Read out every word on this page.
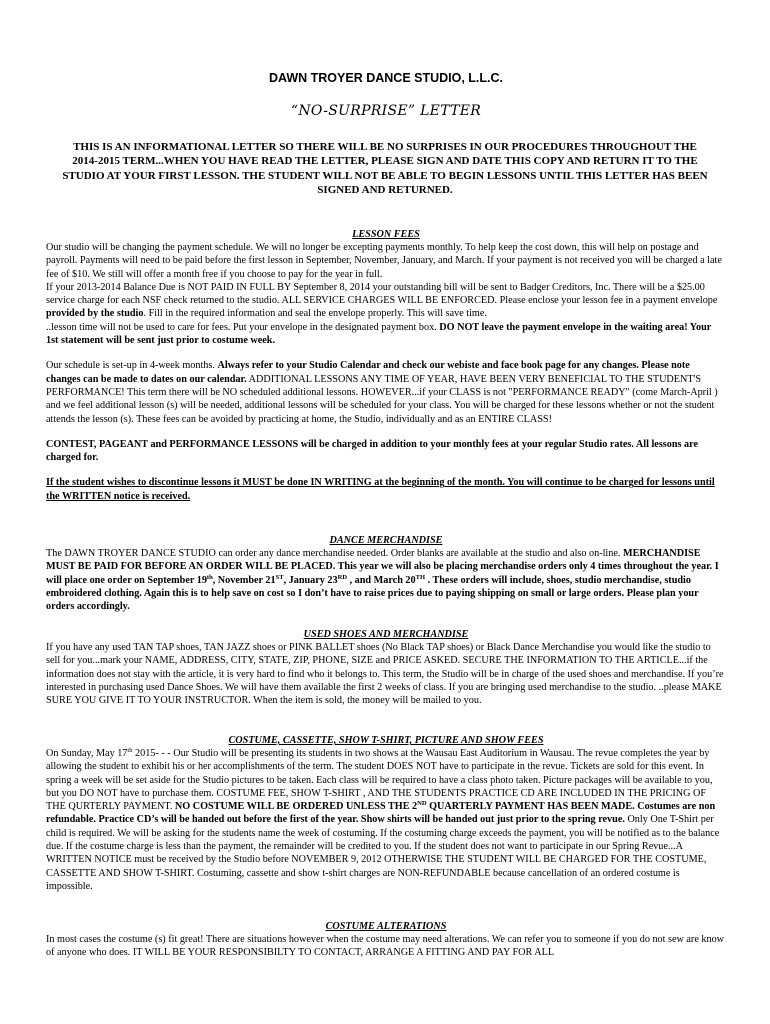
DAWN TROYER DANCE STUDIO, L.L.C.
“NO-SURPRISE” LETTER
THIS IS AN INFORMATIONAL LETTER SO THERE WILL BE NO SURPRISES IN OUR PROCEDURES THROUGHOUT THE 2014-2015 TERM...WHEN YOU HAVE READ THE LETTER, PLEASE SIGN AND DATE THIS COPY AND RETURN IT TO THE STUDIO AT YOUR FIRST LESSON. THE STUDENT WILL NOT BE ABLE TO BEGIN LESSONS UNTIL THIS LETTER HAS BEEN SIGNED AND RETURNED.
LESSON FEES

Our studio will be changing the payment schedule. We will no longer be excepting payments monthly. To help keep the cost down, this will help on postage and payroll. Payments will need to be paid before the first lesson in September, November, January, and March. If your payment is not received you will be charged a late fee of $10. We still will offer a month free if you choose to pay for the year in full.

If your 2013-2014 Balance Due is NOT PAID IN FULL BY September 8, 2014 your outstanding bill will be sent to Badger Creditors, Inc. There will be a $25.00 service charge for each NSF check returned to the studio. ALL SERVICE CHARGES WILL BE ENFORCED. Please enclose your lesson fee in a payment envelope provided by the studio. Fill in the required information and seal the envelope properly. This will save time.

..lesson time will not be used to care for fees. Put your envelope in the designated payment box. DO NOT leave the payment envelope in the waiting area! Your 1st statement will be sent just prior to costume week.

Our schedule is set-up in 4-week months. Always refer to your Studio Calendar and check our webiste and face book page for any changes. Please note changes can be made to dates on our calendar. ADDITIONAL LESSONS ANY TIME OF YEAR, HAVE BEEN VERY BENEFICIAL TO THE STUDENT'S PERFORMANCE! This term there will be NO scheduled additional lessons. HOWEVER...if your CLASS is not "PERFORMANCE READY" (come March-April ) and we feel additional lesson (s) will be needed, additional lessons will be scheduled for your class. You will be charged for these lessons whether or not the student attends the lesson (s). These fees can be avoided by practicing at home, the Studio, individually and as an ENTIRE CLASS!

CONTEST, PAGEANT and PERFORMANCE LESSONS will be charged in addition to your monthly fees at your regular Studio rates. All lessons are charged for.

If the student wishes to discontinue lessons it MUST be done IN WRITING at the beginning of the month. You will continue to be charged for lessons until the WRITTEN notice is received.

DANCE MERCHANDISE

The DAWN TROYER DANCE STUDIO can order any dance merchandise needed. Order blanks are available at the studio and also on-line. MERCHANDISE MUST BE PAID FOR BEFORE AN ORDER WILL BE PLACED. This year we will also be placing merchandise orders only 4 times throughout the year. I will place one order on September 19th, November 21ST, January 23RD , and March 20TH . These orders will include, shoes, studio merchandise, studio embroidered clothing. Again this is to help save on cost so I don’t have to raise prices due to paying shipping on small or large orders. Please plan your orders accordingly.

USED SHOES AND MERCHANDISE
If you have any used TAN TAP shoes, TAN JAZZ shoes or PINK BALLET shoes (No Black TAP shoes) or Black Dance Merchandise you would like the studio to sell for you...mark your NAME, ADDRESS, CITY, STATE, ZIP, PHONE, SIZE and PRICE ASKED. SECURE THE INFORMATION TO THE ARTICLE...if the information does not stay with the article, it is very hard to find who it belongs to. This term, the Studio will be in charge of the used shoes and merchandise. If you’re interested in purchasing used Dance Shoes. We will have them available the first 2 weeks of class. If you are bringing used merchandise to the studio. ..please MAKE SURE YOU GIVE IT TO YOUR INSTRUCTOR. When the item is sold, the money will be mailed to you.
COSTUME, CASSETTE, SHOW T-SHIRT, PICTURE AND SHOW FEES

On Sunday, May 17th 2015- - - Our Studio will be presenting its students in two shows at the Wausau East Auditorium in Wausau. The revue completes the year by allowing the student to exhibit his or her accomplishments of the term. The student DOES NOT have to participate in the revue. Tickets are sold for this event. In spring a week will be set aside for the Studio pictures to be taken. Each class will be required to have a class photo taken. Picture packages will be available to you, but you DO NOT have to purchase them. COSTUME FEE, SHOW T-SHIRT , AND THE STUDENTS PRACTICE CD ARE INCLUDED IN THE PRICING OF THE QURTERLY PAYMENT. NO COSTUME WILL BE ORDERED UNLESS THE 2ND QUARTERLY PAYMENT HAS BEEN MADE. Costumes are non refundable. Practice CD’s will be handed out before the first of the year. Show shirts will be handed out just prior to the spring revue. Only One T-Shirt per child is required. We will be asking for the students name the week of costuming. If the costuming charge exceeds the payment, you will be notified as to the balance due. If the costume charge is less than the payment, the remainder will be credited to you. If the student does not want to participate in our Spring Revue...A WRITTEN NOTICE must be received by the Studio before NOVEMBER 9, 2012 OTHERWISE THE STUDENT WILL BE CHARGED FOR THE COSTUME, CASSETTE AND SHOW T-SHIRT. Costuming, cassette and show t-shirt charges are NON-REFUNDABLE because cancellation of an ordered costume is impossible.

COSTUME ALTERATIONS
In most cases the costume (s) fit great! There are situations however when the costume may need alterations. We can refer you to someone if you do not sew are know of anyone who does. IT WILL BE YOUR RESPONSIBILTY TO CONTACT, ARRANGE A FITTING AND PAY FOR ALL
